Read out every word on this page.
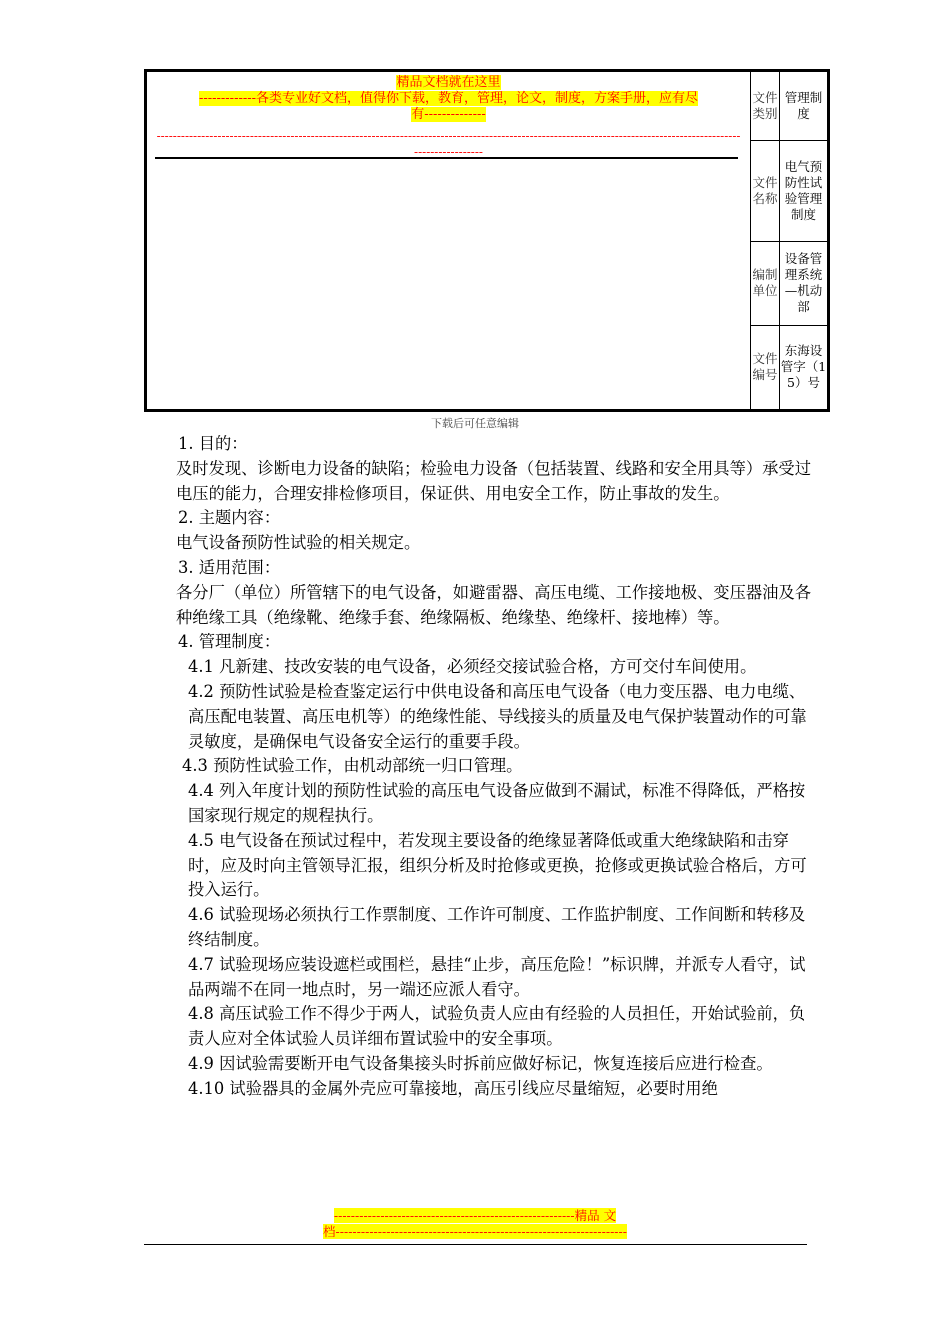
精品文档就在这里
-------------各类专业好文档，值得你下载，教育，管理，论文，制度，方案手册，应有尽
有--------------
------------------------------------------------------------------------------------------------------------------------------------------------
-----------------
文件类别	管理制度
文件名称	电气预防性试验管理制度
编制单位	设备管理系统—机动部
文件编号	东海设管字（15）号
下载后可任意编辑

1. 目的：

及时发现、诊断电力设备的缺陷；检验电力设备（包括装置、线路和安全用具等）承受过电压的能力，合理安排检修项目，保证供、用电安全工作，防止事故的发生。

2. 主题内容：

电气设备预防性试验的相关规定。

3. 适用范围：

各分厂（单位）所管辖下的电气设备，如避雷器、高压电缆、工作接地极、变压器油及各种绝缘工具（绝缘靴、绝缘手套、绝缘隔板、绝缘垫、绝缘杆、接地棒）等。

4. 管理制度：

4.1 凡新建、技改安装的电气设备，必须经交接试验合格，方可交付车间使用。

4.2 预防性试验是检查鉴定运行中供电设备和高压电气设备（电力变压器、电力电缆、高压配电装置、高压电机等）的绝缘性能、导线接头的质量及电气保护装置动作的可靠灵敏度，是确保电气设备安全运行的重要手段。

4.3 预防性试验工作，由机动部统一归口管理。

4.4 列入年度计划的预防性试验的高压电气设备应做到不漏试，标准不得降低，严格按国家现行规定的规程执行。

4.5 电气设备在预试过程中，若发现主要设备的绝缘显著降低或重大绝缘缺陷和击穿时，应及时向主管领导汇报，组织分析及时抢修或更换，抢修或更换试验合格后，方可投入运行。

4.6 试验现场必须执行工作票制度、工作许可制度、工作监护制度、工作间断和转移及终结制度。

4.7 试验现场应装设遮栏或围栏，悬挂“止步，高压危险！”标识牌，并派专人看守，试品两端不在同一地点时，另一端还应派人看守。

4.8 高压试验工作不得少于两人，试验负责人应由有经验的人员担任，开始试验前，负责人应对全体试验人员详细布置试验中的安全事项。

4.9 因试验需要断开电气设备集接头时拆前应做好标记，恢复连接后应进行检查。

4.10 试验器具的金属外壳应可靠接地，高压引线应尽量缩短，必要时用绝

---------------------------------------------------------精品 文
档---------------------------------------------------------------------
